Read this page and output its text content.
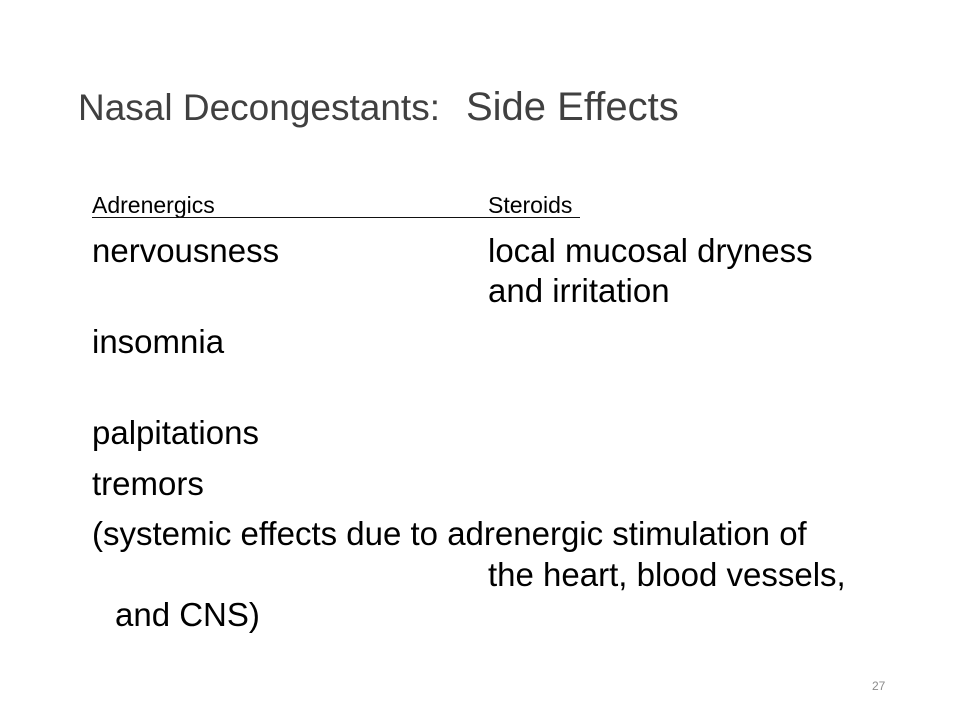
Nasal Decongestants: Side Effects
Adrenergics	Steroids
nervousness	local mucosal dryness
and irritation
insomnia
palpitations
tremors
(systemic effects due to adrenergic stimulation of
the heart, blood vessels,
and CNS)
27
